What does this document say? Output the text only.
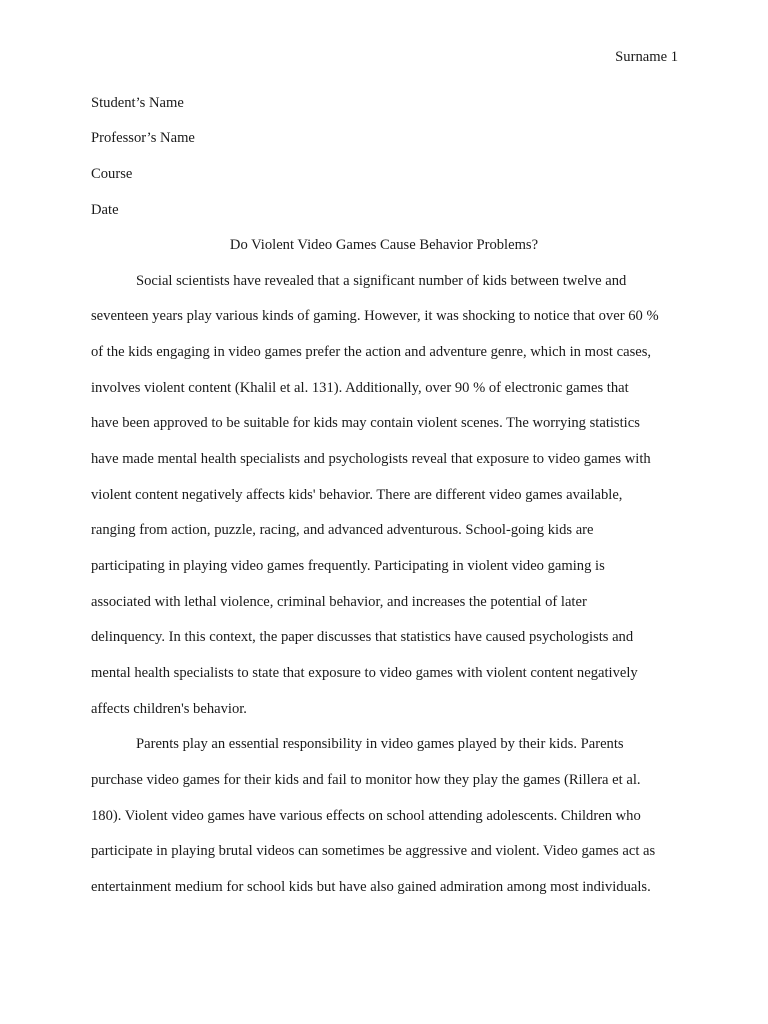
Surname 1
Student’s Name
Professor’s Name
Course
Date
Do Violent Video Games Cause Behavior Problems?
Social scientists have revealed that a significant number of kids between twelve and
seventeen years play various kinds of gaming. However, it was shocking to notice that over 60 %
of the kids engaging in video games prefer the action and adventure genre, which in most cases,
involves violent content (Khalil et al. 131). Additionally, over 90 % of electronic games that
have been approved to be suitable for kids may contain violent scenes. The worrying statistics
have made mental health specialists and psychologists reveal that exposure to video games with
violent content negatively affects kids' behavior. There are different video games available,
ranging from action, puzzle, racing, and advanced adventurous. School-going kids are
participating in playing video games frequently. Participating in violent video gaming is
associated with lethal violence, criminal behavior, and increases the potential of later
delinquency. In this context, the paper discusses that statistics have caused psychologists and
mental health specialists to state that exposure to video games with violent content negatively
affects children's behavior.
Parents play an essential responsibility in video games played by their kids. Parents
purchase video games for their kids and fail to monitor how they play the games (Rillera et al.
180). Violent video games have various effects on school attending adolescents. Children who
participate in playing brutal videos can sometimes be aggressive and violent. Video games act as
entertainment medium for school kids but have also gained admiration among most individuals.
